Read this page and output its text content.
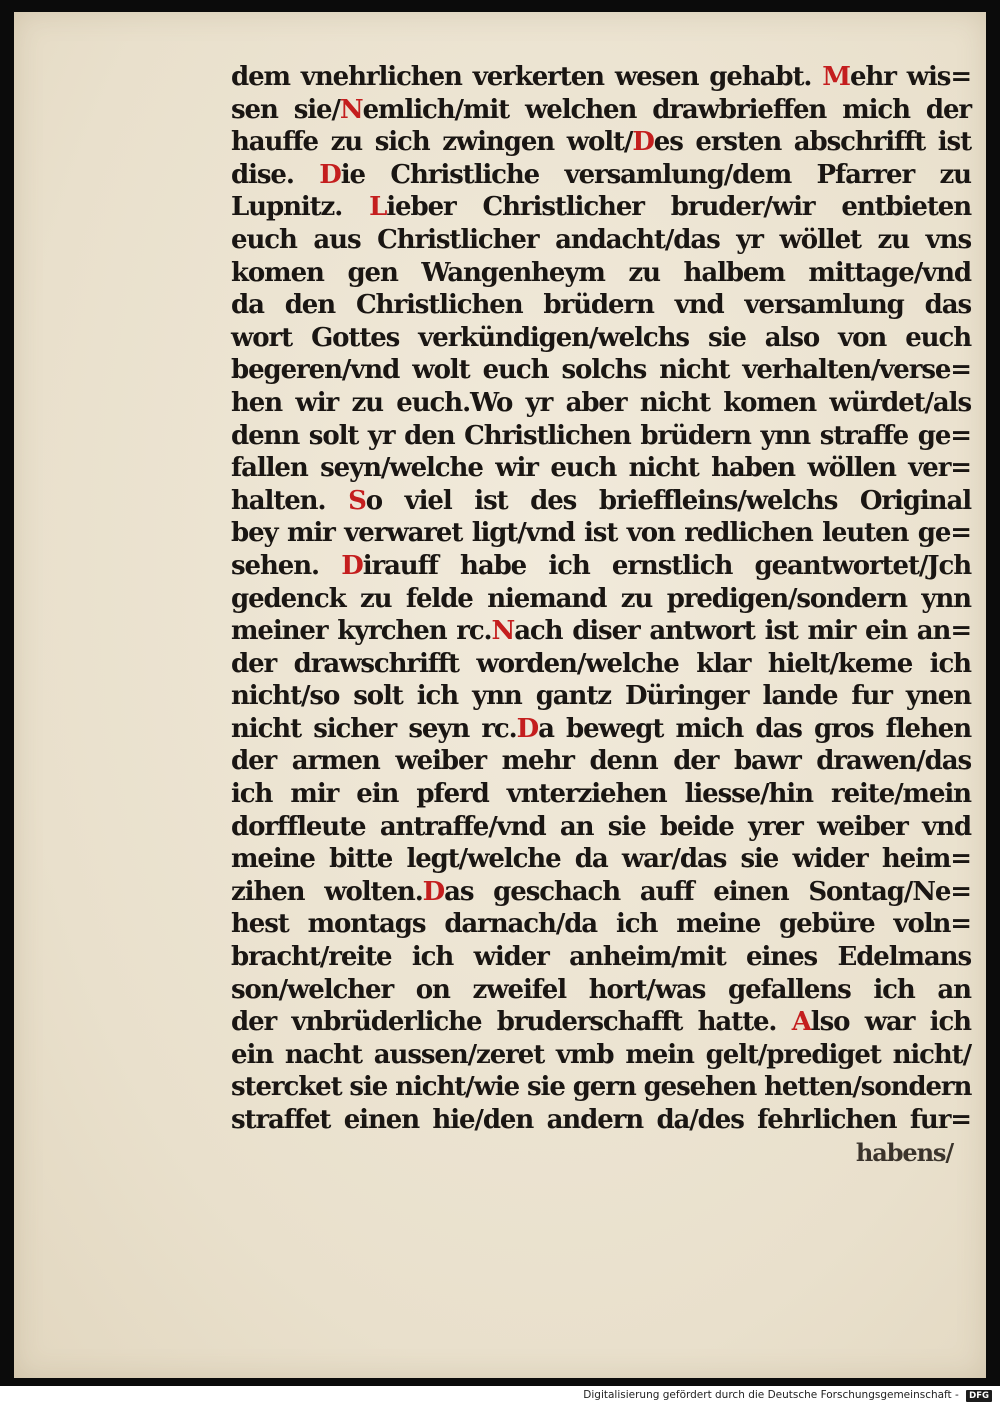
dem vnehrlichen verkerten wesen gehabt. Mehr wis=
sen sie/Nemlich/mit welchen drawbrieffen mich der
hauffe zu sich zwingen wolt/Des ersten abschrifft ist
dise. Die Christliche versamlung/dem Pfarrer zu
Lupnitz. Lieber Christlicher bruder/wir entbieten
euch aus Christlicher andacht/das yr wöllet zu vns
komen gen Wangenheym zu halbem mittage/vnd
da den Christlichen brüdern vnd versamlung das
wort Gottes verkündigen/welchs sie also von euch
begeren/vnd wolt euch solchs nicht verhalten/verse=
hen wir zu euch.Wo yr aber nicht komen würdet/als
denn solt yr den Christlichen brüdern ynn straffe ge=
fallen seyn/welche wir euch nicht haben wöllen ver=
halten. So viel ist des brieffleins/welchs Original
bey mir verwaret ligt/vnd ist von redlichen leuten ge=
sehen. Dirauff habe ich ernstlich geantwortet/Jch
gedenck zu felde niemand zu predigen/sondern ynn
meiner kyrchen rc.Nach diser antwort ist mir ein an=
der drawschrifft worden/welche klar hielt/keme ich
nicht/so solt ich ynn gantz Düringer lande fur ynen
nicht sicher seyn rc.Da bewegt mich das gros flehen
der armen weiber mehr denn der bawr drawen/das
ich mir ein pferd vnterziehen liesse/hin reite/mein
dorffleute antraffe/vnd an sie beide yrer weiber vnd
meine bitte legt/welche da war/das sie wider heim=
zihen wolten.Das geschach auff einen Sontag/Ne=
hest montags darnach/da ich meine gebüre voln=
bracht/reite ich wider anheim/mit eines Edelmans
son/welcher on zweifel hort/was gefallens ich an
der vnbrüderliche bruderschafft hatte. Also war ich
ein nacht aussen/zeret vmb mein gelt/prediget nicht/
stercket sie nicht/wie sie gern gesehen hetten/sondern
straffet einen hie/den andern da/des fehrlichen fur=
habens/
Digitalisierung gefördert durch die Deutsche Forschungsgemeinschaft - DFG
